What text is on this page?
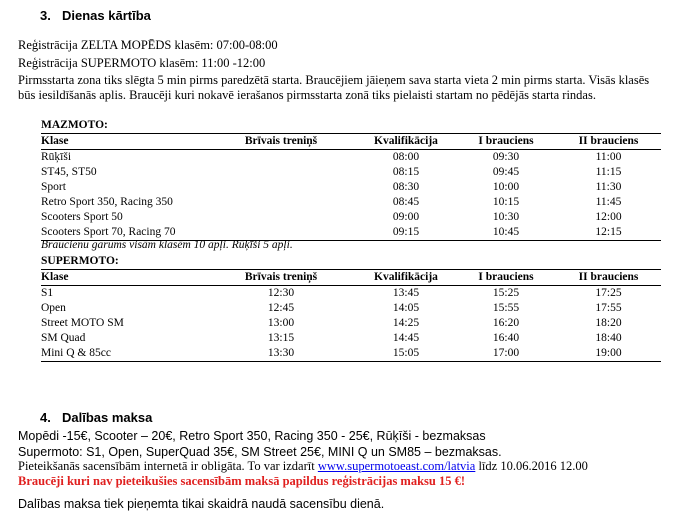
3. Dienas kārtība
Reģistrācija ZELTA MOPĒDS klasēm: 07:00-08:00
Reģistrācija SUPERMOTO klasēm: 11:00 -12:00
Pirmsstarta zona tiks slēgta 5 min pirms paredzētā starta. Braucējiem jāieņem sava starta vieta 2 min pirms starta. Visās klasēs būs iesildīšanās aplis. Braucēji kuri nokavē ierašanos pirmsstarta zonā tiks pielaisti startam no pēdējās starta rindas.
MAZMOTO:				
Klase	Brīvais treniņš	Kvalifikācija	I brauciens	II brauciens
Rūķīši		08:00	09:30	11:00
ST45, ST50		08:15	09:45	11:15
Sport		08:30	10:00	11:30
Retro Sport 350, Racing 350		08:45	10:15	11:45
Scooters Sport 50		09:00	10:30	12:00
Scooters Sport 70, Racing 70		09:15	10:45	12:15
Braucienu garums visām klasēm 10 apļi. Rūķīši 5 apļi.
SUPERMOTO:				
Klase	Brīvais treniņš	Kvalifikācija	I brauciens	II brauciens
S1	12:30	13:45	15:25	17:25
Open	12:45	14:05	15:55	17:55
Street MOTO SM	13:00	14:25	16:20	18:20
SM Quad	13:15	14:45	16:40	18:40
Mini Q & 85cc	13:30	15:05	17:00	19:00
4. Dalības maksa
Mopēdi -15€, Scooter – 20€, Retro Sport 350, Racing 350 - 25€, Rūķīši - bezmaksas
Supermoto: S1, Open, SuperQuad 35€, SM Street 25€, MINI Q un SM85 – bezmaksas.
Pieteikšanās sacensībām internetā ir obligāta. To var izdarīt www.supermotoeast.com/latvia līdz 10.06.2016 12.00
Braucēji kuri nav pieteikušies sacensībām maksā papildus reģistrācijas maksu 15 €!
Dalības maksa tiek pieņemta tikai skaidrā naudā sacensību dienā.
